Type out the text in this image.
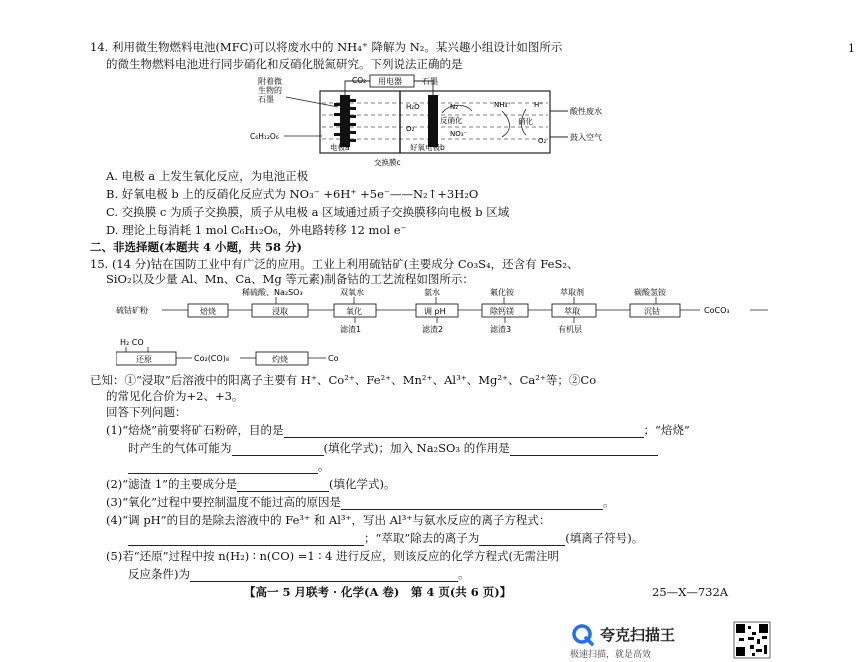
1
14. 利用微生物燃料电池(MFC)可以将废水中的 NH₄⁺ 降解为 N₂。某兴趣小组设计如图所示
的微生物燃料电池进行同步硝化和反硝化脱氮研究。下列说法正确的是
附着微
生物的
石墨
用电器
CO₂	石墨
H₂O
O₂
N₂
反硝化
NO₃⁻
NH₄⁺	H⁺
硝化
O₂
酸性废水
鼓入空气
C₆H₁₂O₆
电极a	好氧电极b
交换膜c
A. 电极 a 上发生氧化反应，为电池正极
B. 好氧电极 b 上的反硝化反应式为 NO₃⁻ +6H⁺ +5e⁻——N₂↑+3H₂O
C. 交换膜 c 为质子交换膜，质子从电极 a 区域通过质子交换膜移向电极 b 区域
D. 理论上每消耗 1 mol C₆H₁₂O₆，外电路转移 12 mol e⁻
二、非选择题(本题共 4 小题，共 58 分)
15. (14 分)钴在国防工业中有广泛的应用。工业上利用硫钴矿(主要成分 Co₃S₄，还含有 FeS₂、
SiO₂以及少量 Al、Mn、Ca、Mg 等元素)制备钴的工艺流程如图所示：
稀硫酸、Na₂SO₃	双氧水	氨水	氟化铵	萃取剂	碳酸氢铵
硫钴矿粉	焙烧	浸取	氧化	调 pH	除钙镁	萃取	沉钴	CoCO₃
滤渣1	滤渣2	滤渣3	有机层
H₂ CO
还原	Co₂(CO)₈	灼烧	Co
已知：①“浸取”后溶液中的阳离子主要有 H⁺、Co²⁺、Fe²⁺、Mn²⁺、Al³⁺、Mg²⁺、Ca²⁺等；②Co
的常见化合价为+2、+3。
回答下列问题：
(1)“焙烧”前要将矿石粉碎，目的是	；“焙烧”
时产生的气体可能为	(填化学式)；加入 Na₂SO₃ 的作用是
。
(2)“滤渣 1”的主要成分是	(填化学式)。
(3)“氧化”过程中要控制温度不能过高的原因是	。
(4)“调 pH”的目的是除去溶液中的 Fe³⁺ 和 Al³⁺，写出 Al³⁺与氨水反应的离子方程式：
；“萃取”除去的离子为	(填离子符号)。
(5)若“还原”过程中按 n(H₂) ∶ n(CO) =1 ∶ 4 进行反应，则该反应的化学方程式(无需注明
反应条件)为	。
【高一 5 月联考 · 化学(A 卷)　第 4 页(共 6 页)】	25—X—732A
夸克扫描王
极速扫描，就是高效
